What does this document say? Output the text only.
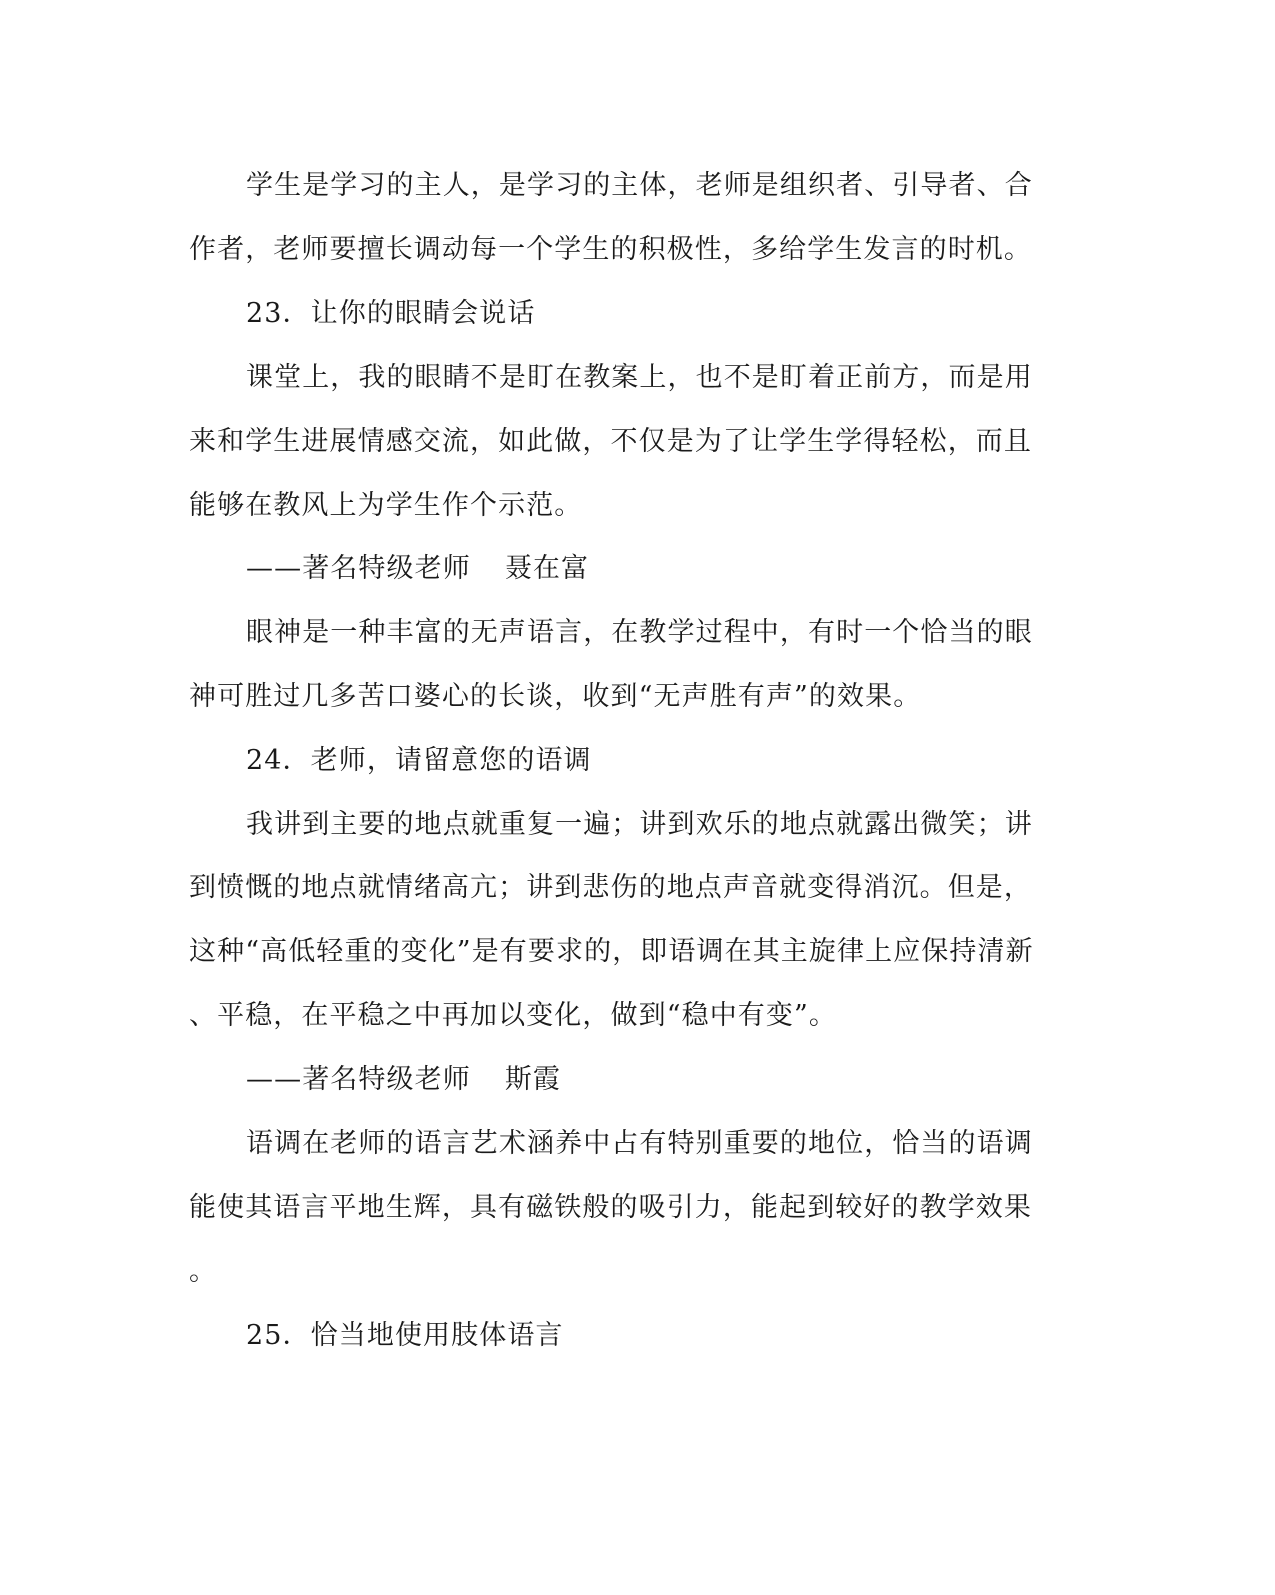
学生是学习的主人，是学习的主体，老师是组织者、引导者、合
作者，老师要擅长调动每一个学生的积极性，多给学生发言的时机。
23．让你的眼睛会说话
课堂上，我的眼睛不是盯在教案上，也不是盯着正前方，而是用
来和学生进展情感交流，如此做，不仅是为了让学生学得轻松，而且
能够在教风上为学生作个示范。
——著名特级老师 聂在富
眼神是一种丰富的无声语言，在教学过程中，有时一个恰当的眼
神可胜过几多苦口婆心的长谈，收到“无声胜有声”的效果。
24．老师，请留意您的语调
我讲到主要的地点就重复一遍；讲到欢乐的地点就露出微笑；讲
到愤慨的地点就情绪高亢；讲到悲伤的地点声音就变得消沉。但是，
这种“高低轻重的变化”是有要求的，即语调在其主旋律上应保持清新
、平稳，在平稳之中再加以变化，做到“稳中有变”。
——著名特级老师 斯霞
语调在老师的语言艺术涵养中占有特别重要的地位，恰当的语调
能使其语言平地生辉，具有磁铁般的吸引力，能起到较好的教学效果
。
25．恰当地使用肢体语言
